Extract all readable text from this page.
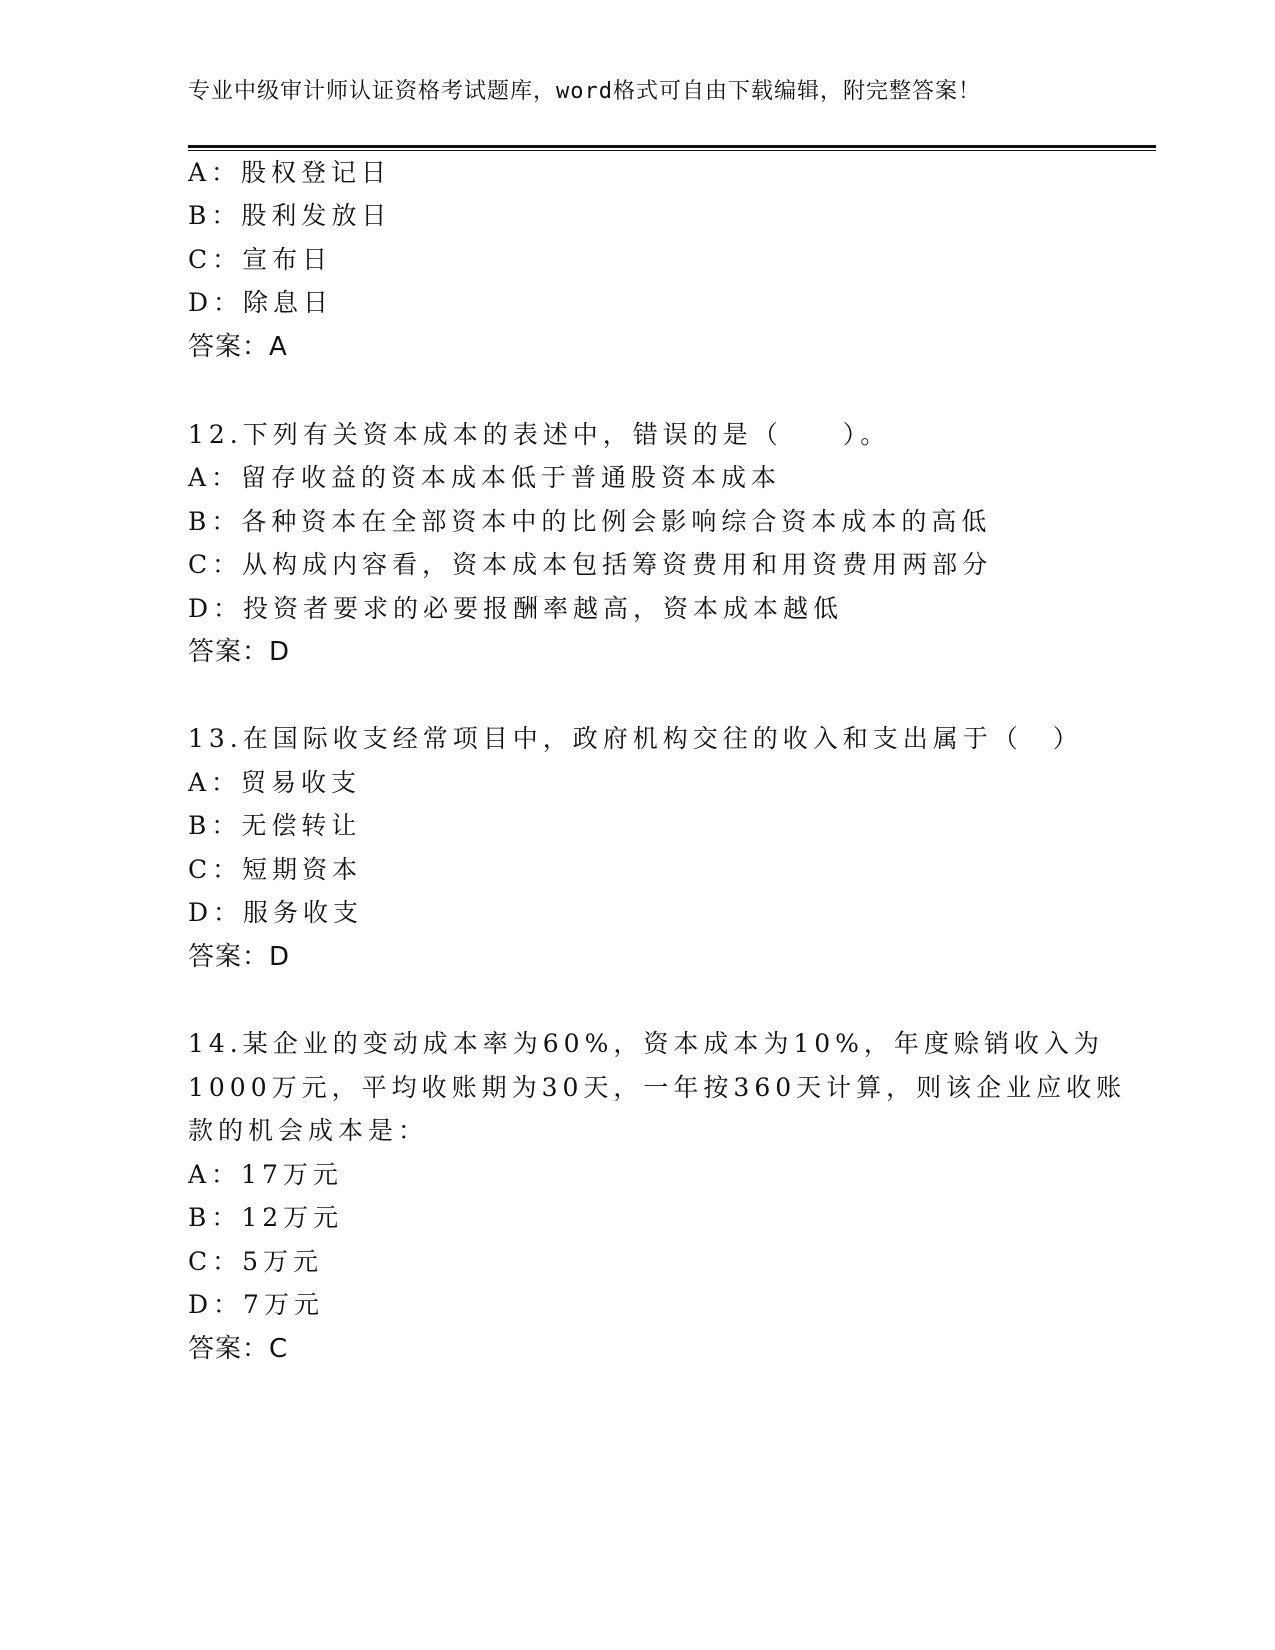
专业中级审计师认证资格考试题库，word格式可自由下载编辑，附完整答案！
A：股权登记日
B：股利发放日
C：宣布日
D：除息日
答案：A
12.下列有关资本成本的表述中，错误的是（　　）。
A：留存收益的资本成本低于普通股资本成本
B：各种资本在全部资本中的比例会影响综合资本成本的高低
C：从构成内容看，资本成本包括筹资费用和用资费用两部分
D：投资者要求的必要报酬率越高，资本成本越低
答案：D
13.在国际收支经常项目中，政府机构交往的收入和支出属于（　）
A：贸易收支
B：无偿转让
C：短期资本
D：服务收支
答案：D
14.某企业的变动成本率为60%，资本成本为10%，年度赊销收入为
1000万元，平均收账期为30天，一年按360天计算，则该企业应收账
款的机会成本是：
A：17万元
B：12万元
C：5万元
D：7万元
答案：C
